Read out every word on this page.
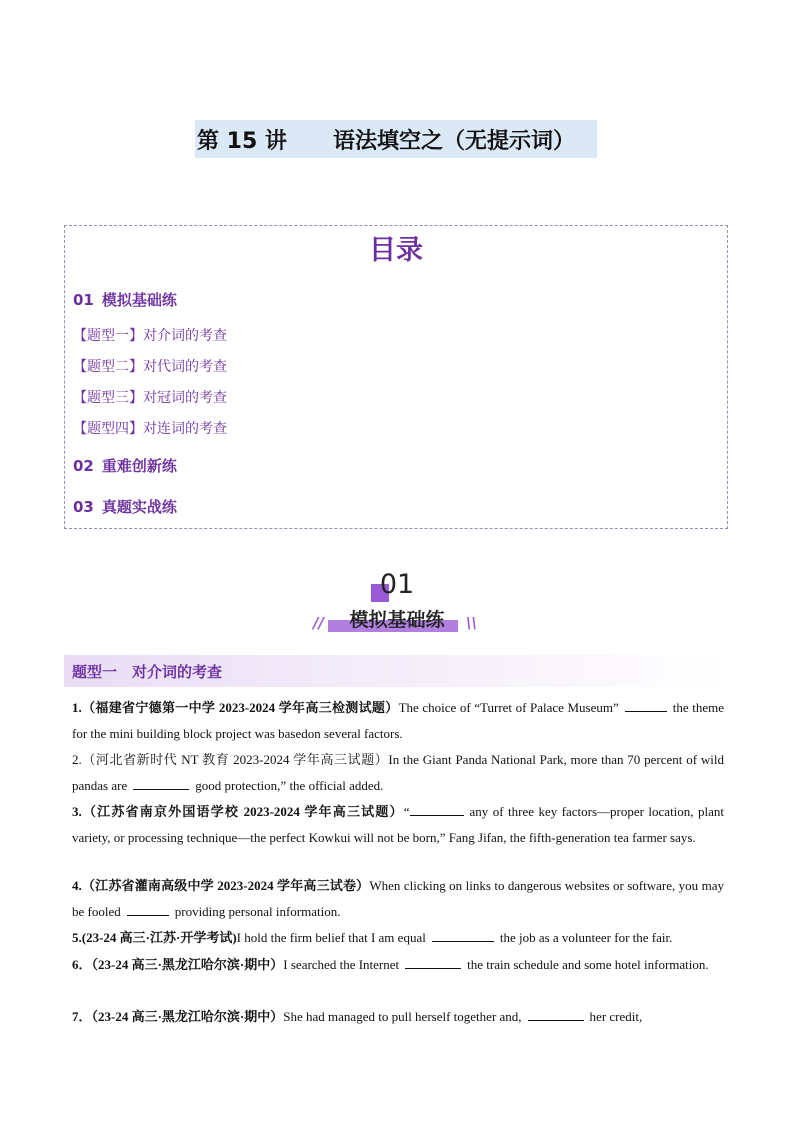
第 15 讲 语法填空之（无提示词）
目录
01 模拟基础练
【题型一】对介词的考查
【题型二】对代词的考查
【题型三】对冠词的考查
【题型四】对连词的考查
02 重难创新练
03 真题实战练
01
模拟基础练
//	\\
题型一　对介词的考查
1.（福建省宁德第一中学 2023-2024 学年高三检测试题）The choice of “Turret of Palace Museum”	the theme for the mini building block project was basedon several factors.
2.（河北省新时代 NT 教育 2023-2024 学年高三试题）In the Giant Panda National Park, more than 70 percent of wild pandas are	good protection,” the official added.
3.（江苏省南京外国语学校 2023-2024 学年高三试题）“	any of three key factors—proper location, plant variety, or processing technique—the perfect Kowkui will not be born,” Fang Jifan, the fifth-generation tea farmer says.
4.（江苏省灌南高级中学 2023-2024 学年高三试卷）When clicking on links to dangerous websites or software, you may be fooled	providing personal information.
5.(23-24 高三·江苏·开学考试)I hold the firm belief that I am equal	the job as a volunteer for the fair.
6．（23-24 高三·黑龙江哈尔滨·期中）I searched the Internet	the train schedule and some hotel information.
7．（23-24 高三·黑龙江哈尔滨·期中）She had managed to pull herself together and,	her credit,
